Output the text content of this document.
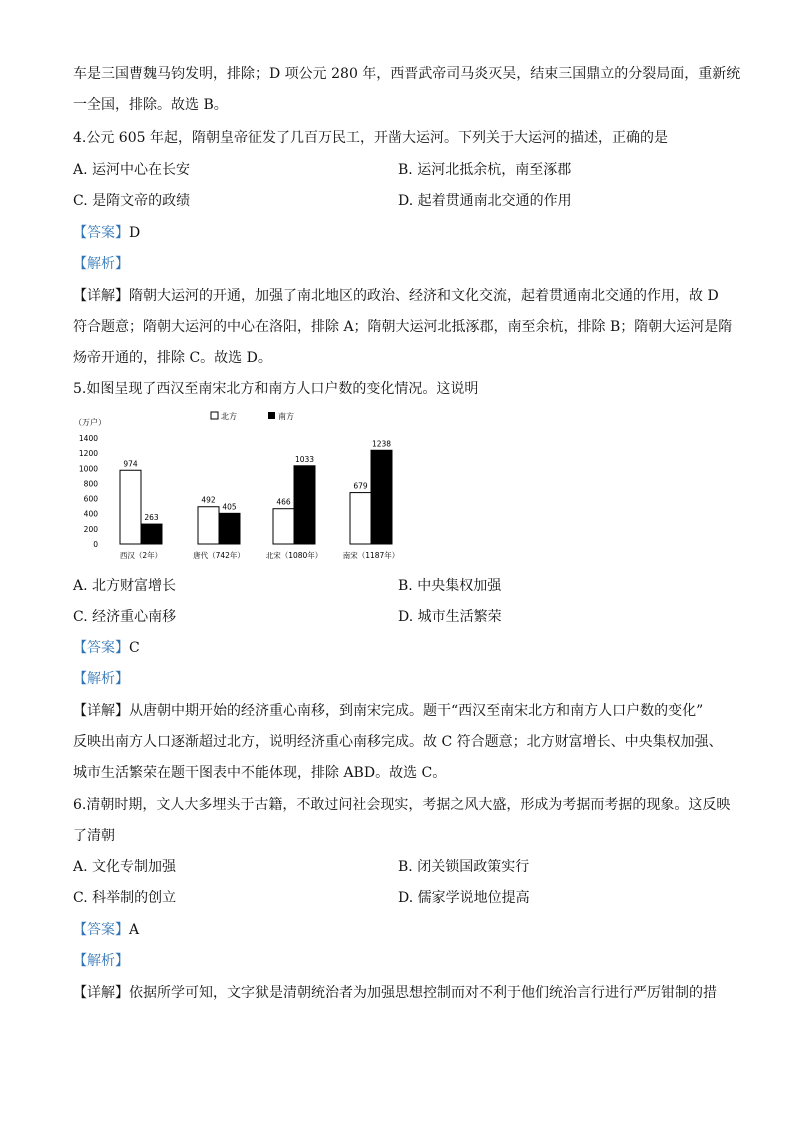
车是三国曹魏马钧发明，排除；D 项公元 280 年，西晋武帝司马炎灭吴，结束三国鼎立的分裂局面，重新统
一全国，排除。故选 B。
4.公元 605 年起，隋朝皇帝征发了几百万民工，开凿大运河。下列关于大运河的描述，正确的是
A. 运河中心在长安	B. 运河北抵余杭，南至涿郡
C. 是隋文帝的政绩	D. 起着贯通南北交通的作用
【答案】D
【解析】
【详解】隋朝大运河的开通，加强了南北地区的政治、经济和文化交流，起着贯通南北交通的作用，故 D
符合题意；隋朝大运河的中心在洛阳，排除 A；隋朝大运河北抵涿郡，南至余杭，排除 B；隋朝大运河是隋
炀帝开通的，排除 C。故选 D。
5.如图呈现了西汉至南宋北方和南方人口户数的变化情况。这说明
（万户）
北方	南方
1400
1200
1000
800
600
400
200
0
974
263
492
405
466
1033
679
1238
西汉（2年）	唐代（742年）	北宋（1080年）	南宋（1187年）
A. 北方财富增长	B. 中央集权加强
C. 经济重心南移	D. 城市生活繁荣
【答案】C
【解析】
【详解】从唐朝中期开始的经济重心南移，到南宋完成。题干“西汉至南宋北方和南方人口户数的变化”
反映出南方人口逐渐超过北方，说明经济重心南移完成。故 C 符合题意；北方财富增长、中央集权加强、
城市生活繁荣在题干图表中不能体现，排除 ABD。故选 C。
6.清朝时期，文人大多埋头于古籍，不敢过问社会现实，考据之风大盛，形成为考据而考据的现象。这反映
了清朝
A. 文化专制加强	B. 闭关锁国政策实行
C. 科举制的创立	D. 儒家学说地位提高
【答案】A
【解析】
【详解】依据所学可知，文字狱是清朝统治者为加强思想控制而对不利于他们统治言行进行严厉钳制的措
